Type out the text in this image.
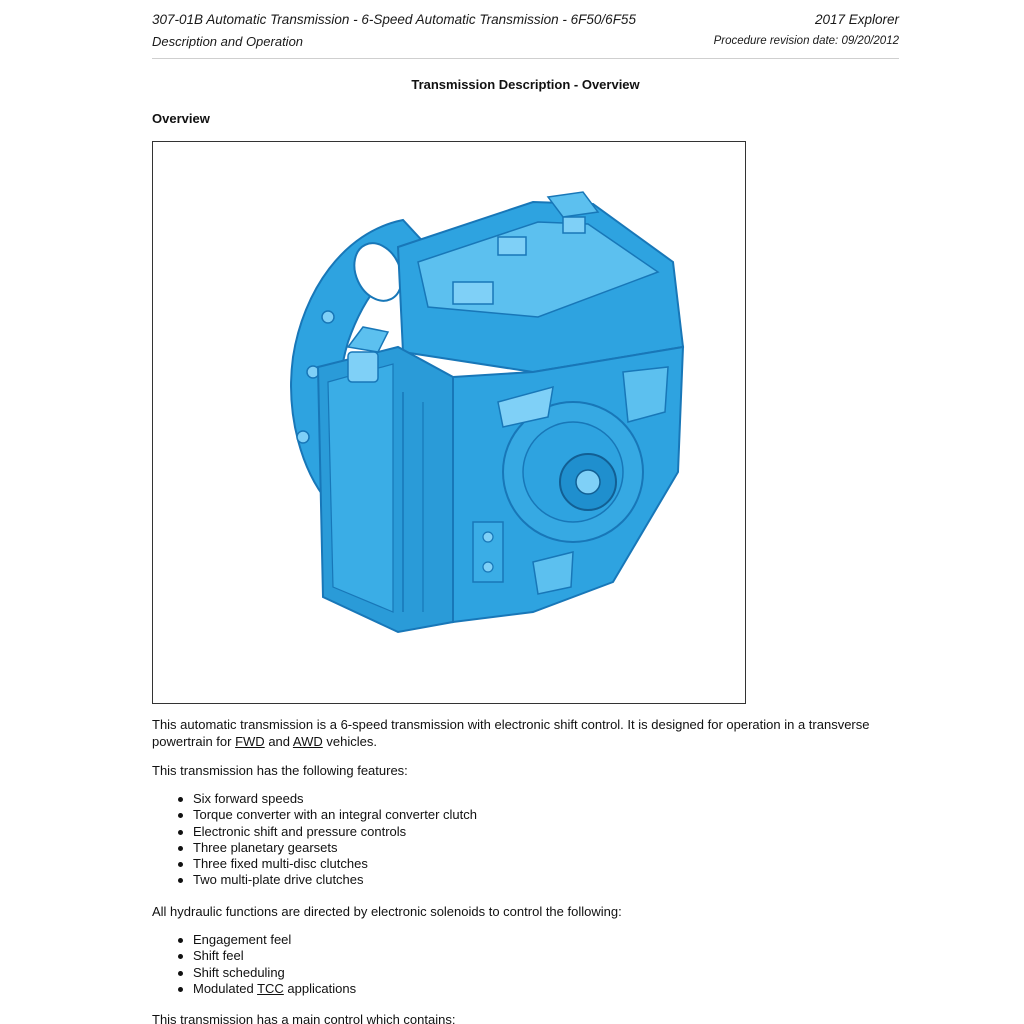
307-01B Automatic Transmission - 6-Speed Automatic Transmission - 6F50/6F55	2017 Explorer
Description and Operation	Procedure revision date: 09/20/2012
Transmission Description - Overview
Overview

This automatic transmission is a 6-speed transmission with electronic shift control. It is designed for operation in a transverse powertrain for FWD and AWD vehicles.

This transmission has the following features:

Six forward speeds
Torque converter with an integral converter clutch
Electronic shift and pressure controls
Three planetary gearsets
Three fixed multi-disc clutches
Two multi-plate drive clutches

All hydraulic functions are directed by electronic solenoids to control the following:

Engagement feel
Shift feel
Shift scheduling
Modulated TCC applications

This transmission has a main control which contains:
